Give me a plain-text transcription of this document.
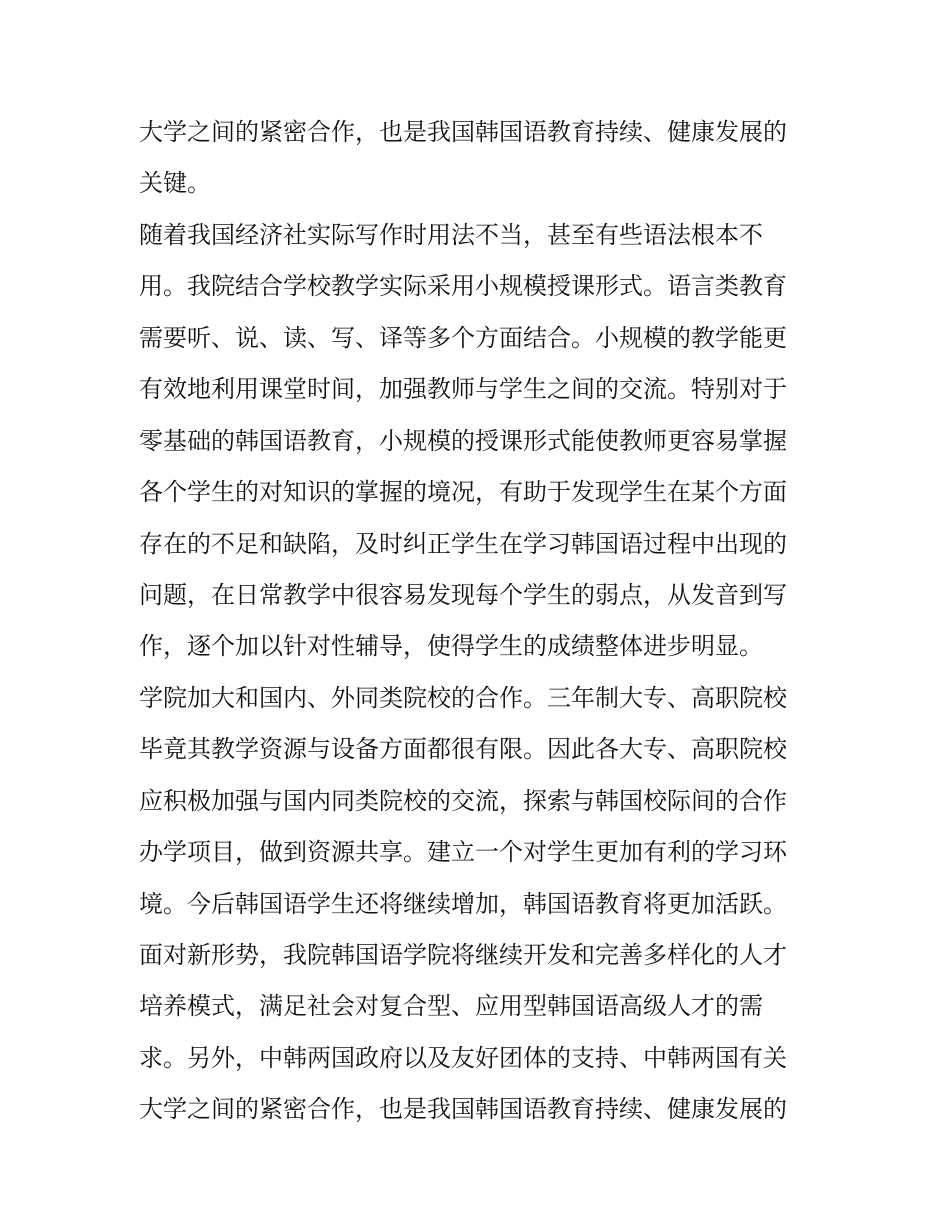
大学之间的紧密合作，也是我国韩国语教育持续、健康发展的
关键。
随着我国经济社实际写作时用法不当，甚至有些语法根本不
用。我院结合学校教学实际采用小规模授课形式。语言类教育
需要听、说、读、写、译等多个方面结合。小规模的教学能更
有效地利用课堂时间，加强教师与学生之间的交流。特别对于
零基础的韩国语教育，小规模的授课形式能使教师更容易掌握
各个学生的对知识的掌握的境况，有助于发现学生在某个方面
存在的不足和缺陷，及时纠正学生在学习韩国语过程中出现的
问题，在日常教学中很容易发现每个学生的弱点，从发音到写
作，逐个加以针对性辅导，使得学生的成绩整体进步明显。
学院加大和国内、外同类院校的合作。三年制大专、高职院校
毕竟其教学资源与设备方面都很有限。因此各大专、高职院校
应积极加强与国内同类院校的交流，探索与韩国校际间的合作
办学项目，做到资源共享。建立一个对学生更加有利的学习环
境。今后韩国语学生还将继续增加，韩国语教育将更加活跃。
面对新形势，我院韩国语学院将继续开发和完善多样化的人才
培养模式，满足社会对复合型、应用型韩国语高级人才的需
求。另外，中韩两国政府以及友好团体的支持、中韩两国有关
大学之间的紧密合作，也是我国韩国语教育持续、健康发展的
